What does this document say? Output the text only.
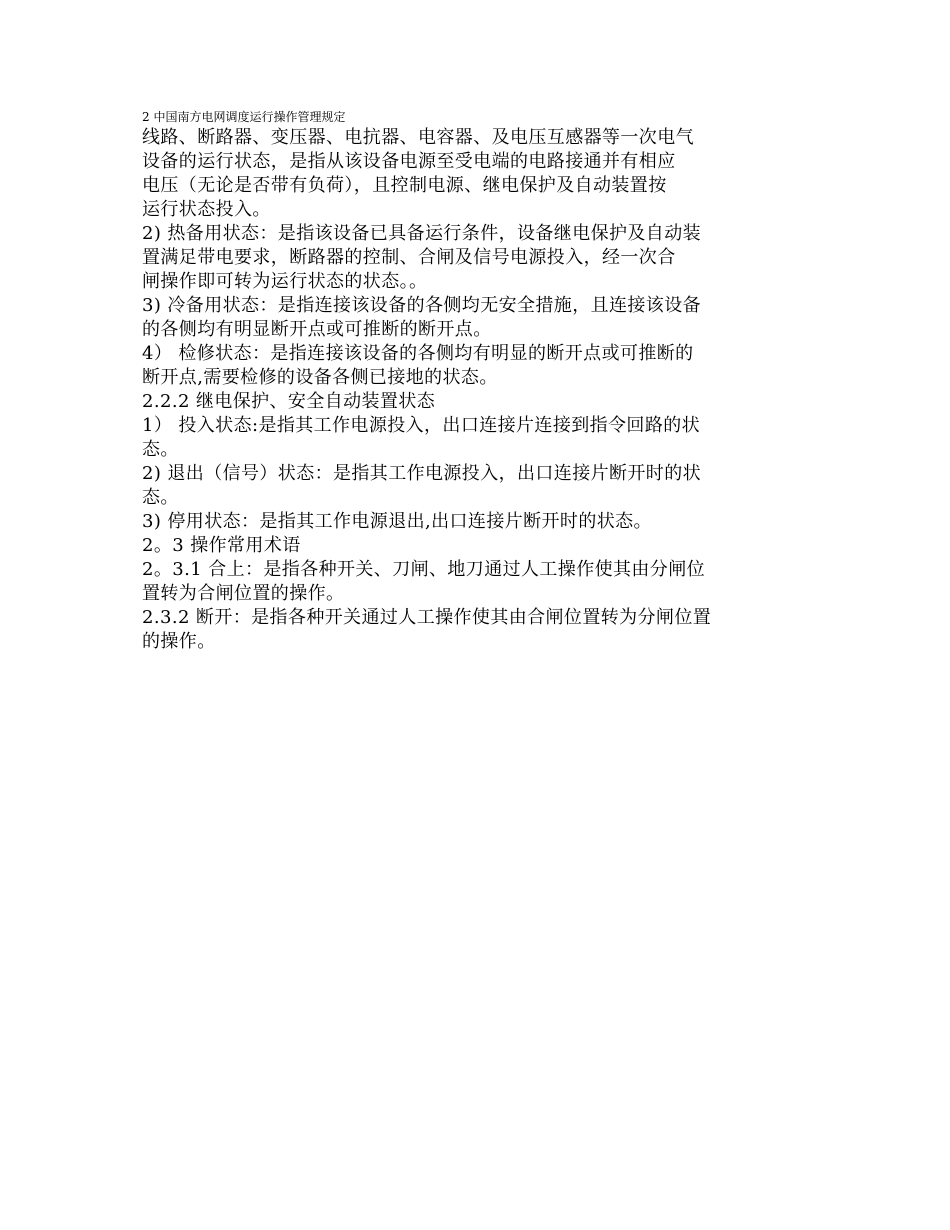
2 中国南方电网调度运行操作管理规定

线路、断路器、变压器、电抗器、电容器、及电压互感器等一次电气
设备的运行状态，是指从该设备电源至受电端的电路接通并有相应
电压（无论是否带有负荷），且控制电源、继电保护及自动装置按
运行状态投入。

2) 热备用状态：是指该设备已具备运行条件，设备继电保护及自动装
置满足带电要求，断路器的控制、合闸及信号电源投入，经一次合
闸操作即可转为运行状态的状态。。

3) 冷备用状态：是指连接该设备的各侧均无安全措施，且连接该设备
的各侧均有明显断开点或可推断的断开点。

4） 检修状态：是指连接该设备的各侧均有明显的断开点或可推断的
断开点,需要检修的设备各侧已接地的状态。

2.2.2 继电保护、安全自动装置状态

1） 投入状态:是指其工作电源投入，出口连接片连接到指令回路的状
态。

2) 退出（信号）状态：是指其工作电源投入，出口连接片断开时的状
态。

3) 停用状态：是指其工作电源退出,出口连接片断开时的状态。

2。3 操作常用术语

2。3.1 合上：是指各种开关、刀闸、地刀通过人工操作使其由分闸位
置转为合闸位置的操作。

2.3.2 断开：是指各种开关通过人工操作使其由合闸位置转为分闸位置
的操作。
